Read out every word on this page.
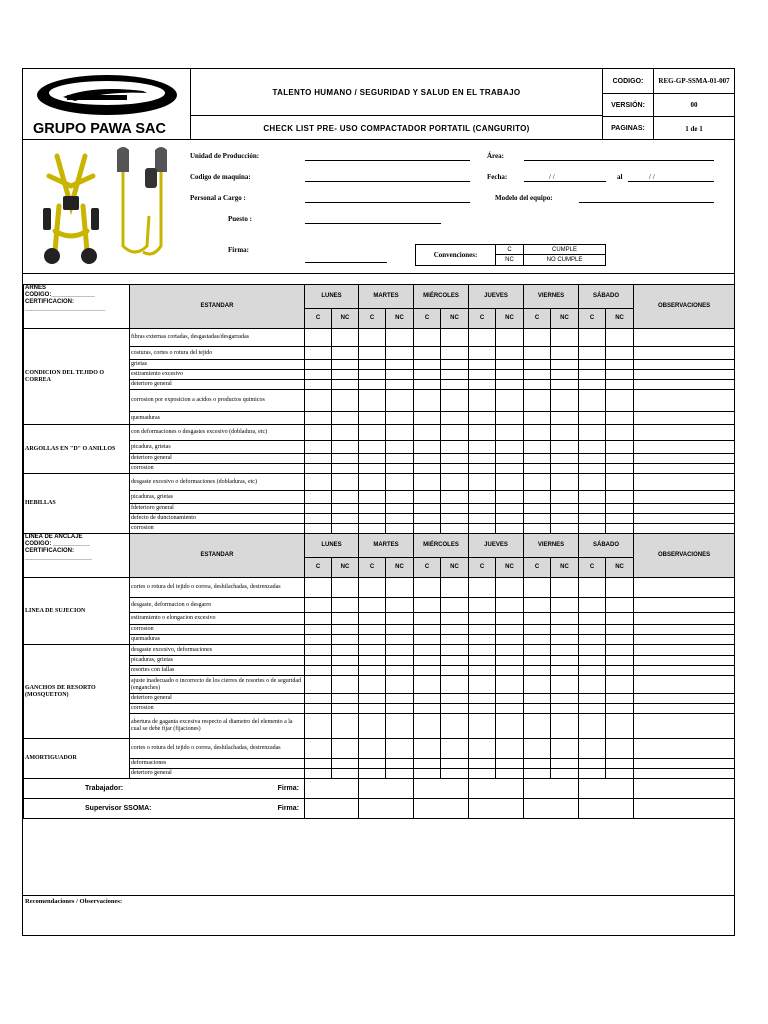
GRUPO PAWA SAC
TALENTO HUMANO / SEGURIDAD Y SALUD EN EL TRABAJO
CHECK LIST PRE- USO COMPACTADOR PORTATIL (CANGURITO)
CODIGO:	REG-GP-SSMA-01-007
VERSIÓN:	00
PAGINAS:	1 de 1
Unidad de Producción:	Área:
Codigo de maquina:	Fecha:	/ /	al	/ /
Personal a Cargo :	Modelo del equipo:
Puesto :
Firma:
Convenciones:
C	CUMPLE
NC	NO CUMPLE
ARNES
CODIGO:_____________
CERTIFICACION:
________________________	ESTANDAR	LUNES		MARTES		MIÉRCOLES		JUEVES		VIERNES		SÁBADO		OBSERVACIONES
		C	NC	C	NC	C	NC	C	NC	C	NC	C	NC	
CONDICION DEL TEJIDO O CORREA	fibras externas cortadas, desgastadas/desgarradas													
	costuras, cortes o rotura del tejido													
	grietas													
	estiramiento excesivo													
	deterioro general													
	corrosion por exposicion a acidos o productos quimicos													
	quemaduras													
ARGOLLAS EN "D" O ANILLOS	con deformaciones o desgastes excesivo (dobladura, etc)													
	picadura, grietas													
	deterioro general													
	corrosion													
HEBILLAS	desgaste excesivo o deformaciones (dobladuras, etc)													
	picaduras, grietas													
	fdeterioro general													
	defecto de duncionamiento													
	corrosion													
LINEA DE ANCLAJE
CODIGO: ___________
CERTIFICACION:
____________________	ESTANDAR	LUNES		MARTES		MIÉRCOLES		JUEVES		VIERNES		SÁBADO		OBSERVACIONES
		C	NC	C	NC	C	NC	C	NC	C	NC	C	NC	
LINEA DE SUJECION	cortes o rotura del tejido o correa, deshilachadas, destrenzadas													
	desgaste, deformacion o desgarro													
	estiramiento o elongacion excesivo													
	corrosion													
	quemaduras													
GANCHOS DE RESORTO (MOSQUETON)	desgaste excesivo, deformaciones													
	picaduras, grietas													
	resortes con fallas													
	ajuste inadecuado o incorrecto de los cierres de resortes o de seguridad (enganches)													
	deterioro general													
	corrosion													
	abertura de gaganta excesiva respecto al diametro del elemento a la cual se debe fijar (fijaciones)													
AMORTIGUADOR	cortes o rotura del tejido o correa, deshilachadas, destrenzadas													
	deformaciones													
	deterioro general													

Trabajador: Firma:														

Supervisor SSOMA: Firma:														

Recomendaciones / Observaciones:
